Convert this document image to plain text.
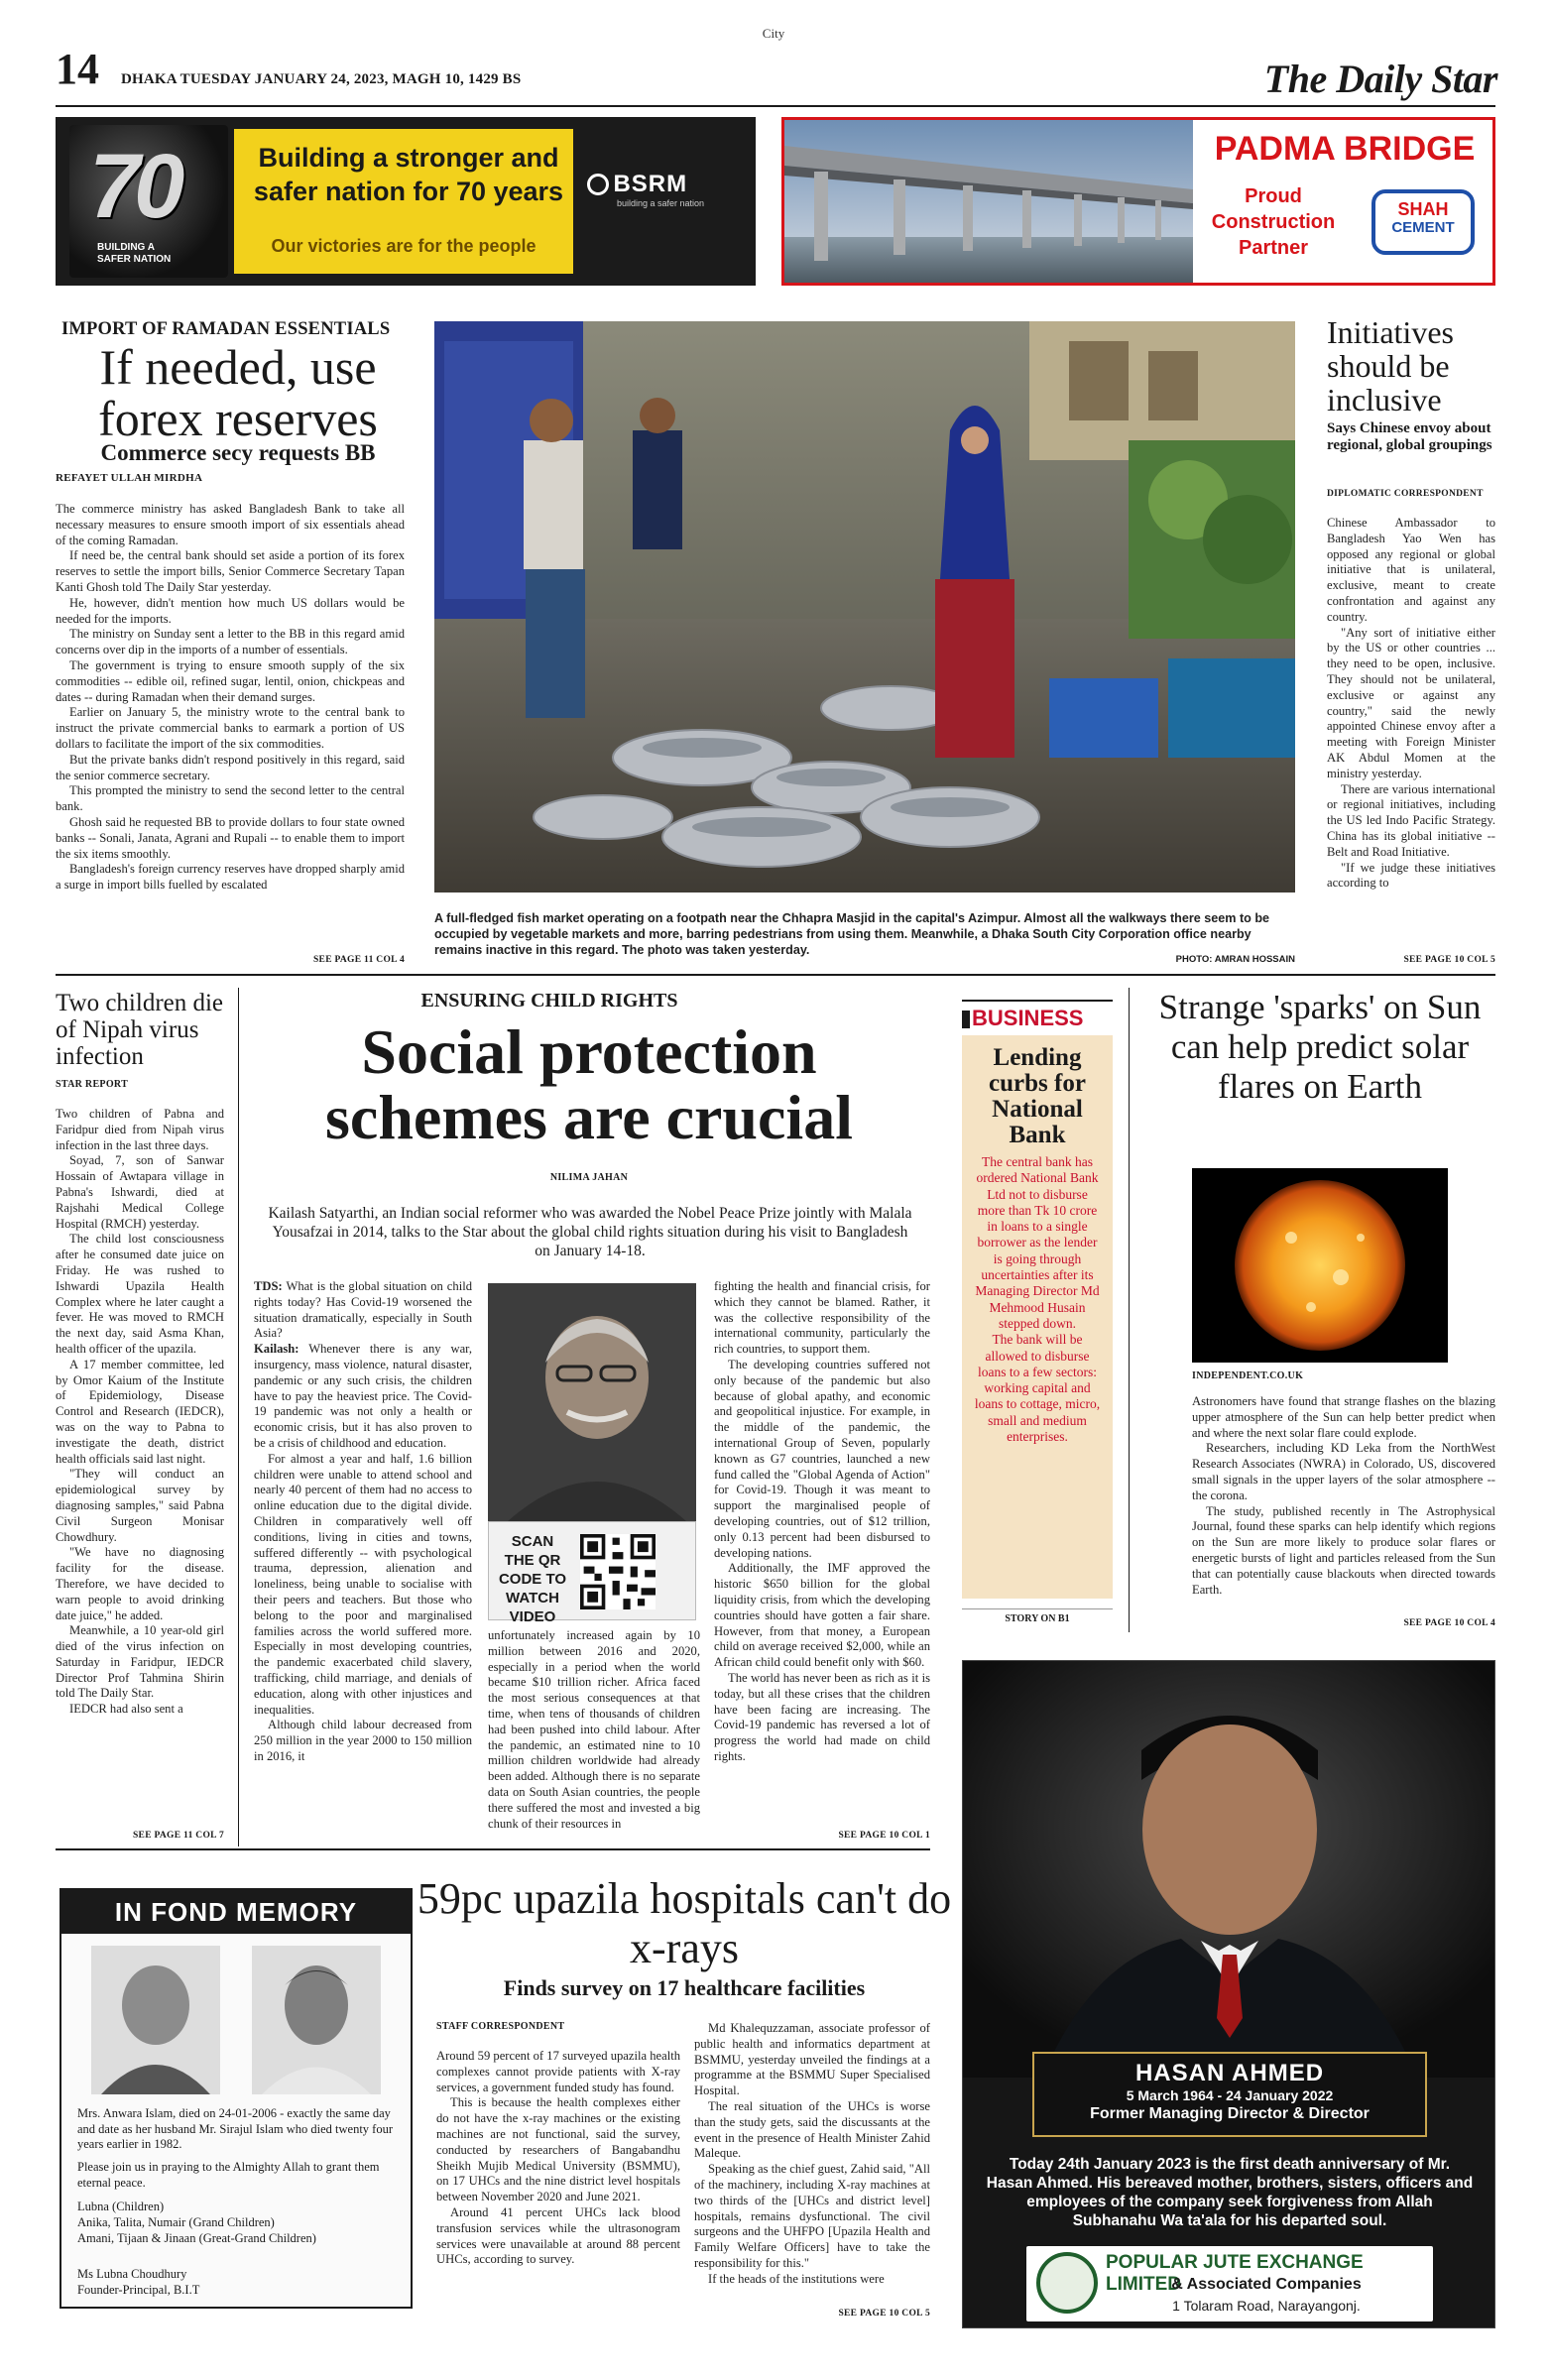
City
14 DHAKA TUESDAY JANUARY 24, 2023, MAGH 10, 1429 BS	The Daily Star
70
BUILDING A SAFER NATION
Building a stronger and safer nation for 70 years
Our victories are for the people
BSRM
building a safer nation
PADMA BRIDGE
Proud Construction Partner
SHAH
CEMENT
IMPORT OF RAMADAN ESSENTIALS
If needed, use forex reserves
Commerce secy requests BB
REFAYET ULLAH MIRDHA

The commerce ministry has asked Bangladesh Bank to take all necessary measures to ensure smooth import of six essentials ahead of the coming Ramadan.

If need be, the central bank should set aside a portion of its forex reserves to settle the import bills, Senior Commerce Secretary Tapan Kanti Ghosh told The Daily Star yesterday.

He, however, didn't mention how much US dollars would be needed for the imports.

The ministry on Sunday sent a letter to the BB in this regard amid concerns over dip in the imports of a number of essentials.

The government is trying to ensure smooth supply of the six commodities -- edible oil, refined sugar, lentil, onion, chickpeas and dates -- during Ramadan when their demand surges.

Earlier on January 5, the ministry wrote to the central bank to instruct the private commercial banks to earmark a portion of US dollars to facilitate the import of the six commodities.

But the private banks didn't respond positively in this regard, said the senior commerce secretary.

This prompted the ministry to send the second letter to the central bank.

Ghosh said he requested BB to provide dollars to four state owned banks -- Sonali, Janata, Agrani and Rupali -- to enable them to import the six items smoothly.

Bangladesh's foreign currency reserves have dropped sharply amid a surge in import bills fuelled by escalated

SEE PAGE 11 COL 4
A full-fledged fish market operating on a footpath near the Chhapra Masjid in the capital's Azimpur. Almost all the walkways there seem to be occupied by vegetable markets and more, barring pedestrians from using them. Meanwhile, a Dhaka South City Corporation office nearby remains inactive in this regard. The photo was taken yesterday.
PHOTO: AMRAN HOSSAIN
Initiatives should be inclusive
Says Chinese envoy about regional, global groupings
DIPLOMATIC CORRESPONDENT

Chinese Ambassador to Bangladesh Yao Wen has opposed any regional or global initiative that is unilateral, exclusive, meant to create confrontation and against any country.

"Any sort of initiative either by the US or other countries ... they need to be open, inclusive. They should not be unilateral, exclusive or against any country," said the newly appointed Chinese envoy after a meeting with Foreign Minister AK Abdul Momen at the ministry yesterday.

There are various international or regional initiatives, including the US led Indo Pacific Strategy. China has its global initiative -- Belt and Road Initiative.

"If we judge these initiatives according to

SEE PAGE 10 COL 5
Two children die of Nipah virus infection
STAR REPORT

Two children of Pabna and Faridpur died from Nipah virus infection in the last three days.

Soyad, 7, son of Sanwar Hossain of Awtapara village in Pabna's Ishwardi, died at Rajshahi Medical College Hospital (RMCH) yesterday.

The child lost consciousness after he consumed date juice on Friday. He was rushed to Ishwardi Upazila Health Complex where he later caught a fever. He was moved to RMCH the next day, said Asma Khan, health officer of the upazila.

A 17 member committee, led by Omor Kaium of the Institute of Epidemiology, Disease Control and Research (IEDCR), was on the way to Pabna to investigate the death, district health officials said last night.

"They will conduct an epidemiological survey by diagnosing samples," said Pabna Civil Surgeon Monisar Chowdhury.

"We have no diagnosing facility for the disease. Therefore, we have decided to warn people to avoid drinking date juice," he added.

Meanwhile, a 10 year-old girl died of the virus infection on Saturday in Faridpur, IEDCR Director Prof Tahmina Shirin told The Daily Star.

IEDCR had also sent a

SEE PAGE 11 COL 7
ENSURING CHILD RIGHTS
Social protection schemes are crucial
NILIMA JAHAN
Kailash Satyarthi, an Indian social reformer who was awarded the Nobel Peace Prize jointly with Malala Yousafzai in 2014, talks to the Star about the global child rights situation during his visit to Bangladesh on January 14-18.

TDS: What is the global situation on child rights today? Has Covid-19 worsened the situation dramatically, especially in South Asia?

Kailash: Whenever there is any war, insurgency, mass violence, natural disaster, pandemic or any such crisis, the children have to pay the heaviest price. The Covid-19 pandemic was not only a health or economic crisis, but it has also proven to be a crisis of childhood and education.

For almost a year and half, 1.6 billion children were unable to attend school and nearly 40 percent of them had no access to online education due to the digital divide. Children in comparatively well off conditions, living in cities and towns, suffered differently -- with psychological trauma, depression, alienation and loneliness, being unable to socialise with their peers and teachers. But those who belong to the poor and marginalised families across the world suffered more. Especially in most developing countries, the pandemic exacerbated child slavery, trafficking, child marriage, and denials of education, along with other injustices and inequalities.

Although child labour decreased from 250 million in the year 2000 to 150 million in 2016, it

SCAN THE QR CODE TO WATCH VIDEO

unfortunately increased again by 10 million between 2016 and 2020, especially in a period when the world became $10 trillion richer. Africa faced the most serious consequences at that time, when tens of thousands of children had been pushed into child labour. After the pandemic, an estimated nine to 10 million children worldwide had already been added. Although there is no separate data on South Asian countries, the people there suffered the most and invested a big chunk of their resources in

fighting the health and financial crisis, for which they cannot be blamed. Rather, it was the collective responsibility of the international community, particularly the rich countries, to support them.

The developing countries suffered not only because of the pandemic but also because of global apathy, and economic and geopolitical injustice. For example, in the middle of the pandemic, the international Group of Seven, popularly known as G7 countries, launched a new fund called the "Global Agenda of Action" for Covid-19. Though it was meant to support the marginalised people of developing countries, out of $12 trillion, only 0.13 percent had been disbursed to developing nations.

Additionally, the IMF approved the historic $650 billion for the global liquidity crisis, from which the developing countries should have gotten a fair share. However, from that money, a European child on average received $2,000, while an African child could benefit only with $60.

The world has never been as rich as it is today, but all these crises that the children have been facing are increasing. The Covid-19 pandemic has reversed a lot of progress the world had made on child rights.

SEE PAGE 10 COL 1
BUSINESS
Lending curbs for National Bank
The central bank has ordered National Bank Ltd not to disburse more than Tk 10 crore in loans to a single borrower as the lender is going through uncertainties after its Managing Director Md Mehmood Husain stepped down.
The bank will be allowed to disburse loans to a few sectors: working capital and loans to cottage, micro, small and medium enterprises.
STORY ON B1
Strange 'sparks' on Sun can help predict solar flares on Earth
INDEPENDENT.CO.UK

Astronomers have found that strange flashes on the blazing upper atmosphere of the Sun can help better predict when and where the next solar flare could explode.

Researchers, including KD Leka from the NorthWest Research Associates (NWRA) in Colorado, US, discovered small signals in the upper layers of the solar atmosphere -- the corona.

The study, published recently in The Astrophysical Journal, found these sparks can help identify which regions on the Sun are more likely to produce solar flares or energetic bursts of light and particles released from the Sun that can potentially cause blackouts when directed towards Earth.

SEE PAGE 10 COL 4
HASAN AHMED
5 March 1964 - 24 January 2022
Former Managing Director & Director
Today 24th January 2023 is the first death anniversary of Mr. Hasan Ahmed. His bereaved mother, brothers, sisters, officers and employees of the company seek forgiveness from Allah Subhanahu Wa ta'ala for his departed soul.
POPULAR JUTE EXCHANGE LIMITED
& Associated Companies
1 Tolaram Road, Narayangonj.
IN FOND MEMORY
Mrs. Anwara Islam, died on 24-01-2006 - exactly the same day and date as her husband Mr. Sirajul Islam who died twenty four years earlier in 1982.
Please join us in praying to the Almighty Allah to grant them eternal peace.
Lubna (Children)
Anika, Talita, Numair (Grand Children)
Amani, Tijaan & Jinaan (Great-Grand Children)
Ms Lubna Choudhury
Founder-Principal, B.I.T
59pc upazila hospitals can't do x-rays
Finds survey on 17 healthcare facilities
STAFF CORRESPONDENT

Around 59 percent of 17 surveyed upazila health complexes cannot provide patients with X-ray services, a government funded study has found.

This is because the health complexes either do not have the x-ray machines or the existing machines are not functional, said the survey, conducted by researchers of Bangabandhu Sheikh Mujib Medical University (BSMMU), on 17 UHCs and the nine district level hospitals between November 2020 and June 2021.

Around 41 percent UHCs lack blood transfusion services while the ultrasonogram services were unavailable at around 88 percent UHCs, according to survey.

Md Khalequzzaman, associate professor of public health and informatics department at BSMMU, yesterday unveiled the findings at a programme at the BSMMU Super Specialised Hospital.

The real situation of the UHCs is worse than the study gets, said the discussants at the event in the presence of Health Minister Zahid Maleque.

Speaking as the chief guest, Zahid said, "All of the machinery, including X-ray machines at two thirds of the [UHCs and district level] hospitals, remains dysfunctional. The civil surgeons and the UHFPO [Upazila Health and Family Welfare Officers] have to take the responsibility for this."

If the heads of the institutions were

SEE PAGE 10 COL 5
